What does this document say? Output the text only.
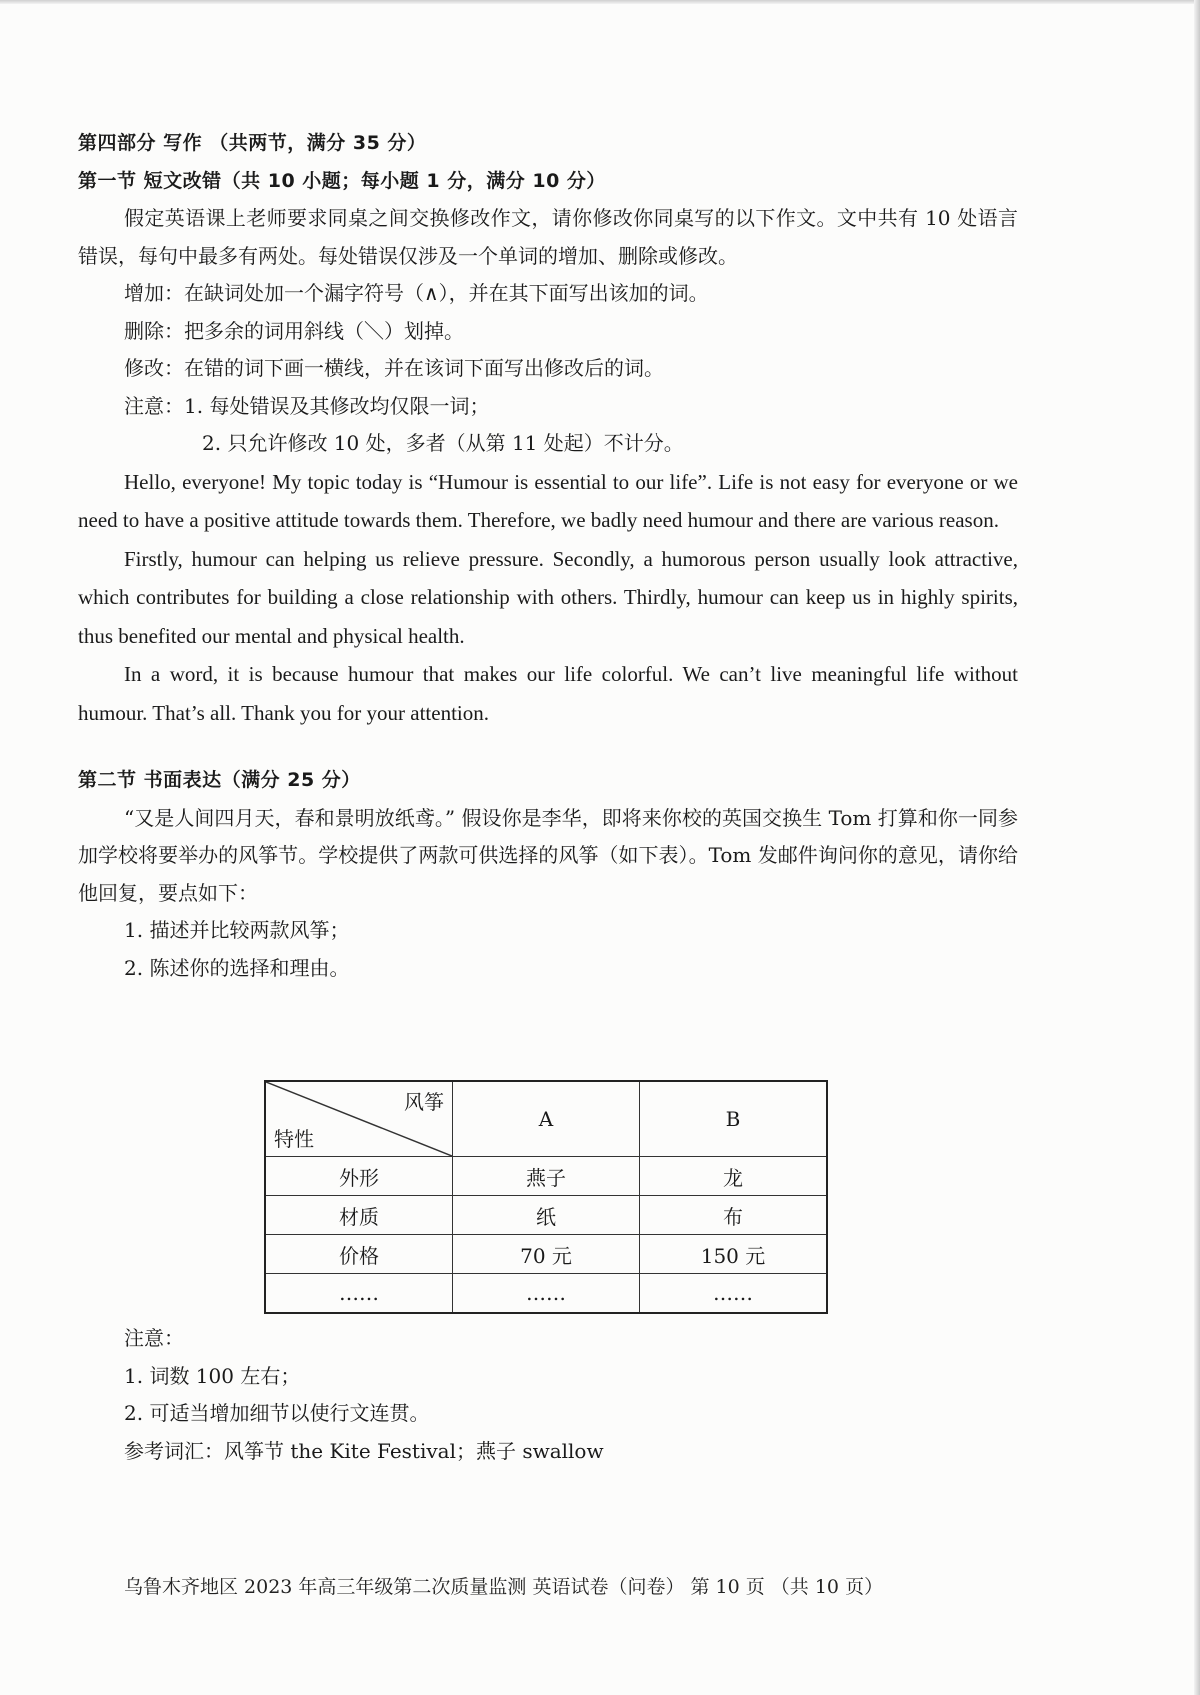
第四部分 写作 （共两节，满分 35 分）
第一节 短文改错（共 10 小题；每小题 1 分，满分 10 分）
假定英语课上老师要求同桌之间交换修改作文，请你修改你同桌写的以下作文。文中共有 10 处语言错误，每句中最多有两处。每处错误仅涉及一个单词的增加、删除或修改。
增加：在缺词处加一个漏字符号（∧），并在其下面写出该加的词。
删除：把多余的词用斜线（＼）划掉。
修改：在错的词下画一横线，并在该词下面写出修改后的词。
注意：1. 每处错误及其修改均仅限一词；
2. 只允许修改 10 处，多者（从第 11 处起）不计分。
Hello, everyone! My topic today is “Humour is essential to our life”. Life is not easy for everyone or we need to have a positive attitude towards them. Therefore, we badly need humour and there are various reason.
Firstly, humour can helping us relieve pressure. Secondly, a humorous person usually look attractive, which contributes for building a close relationship with others. Thirdly, humour can keep us in highly spirits, thus benefited our mental and physical health.
In a word, it is because humour that makes our life colorful. We can’t live meaningful life without humour. That’s all. Thank you for your attention.
第二节 书面表达（满分 25 分）
“又是人间四月天，春和景明放纸鸢。” 假设你是李华，即将来你校的英国交换生 Tom 打算和你一同参加学校将要举办的风筝节。学校提供了两款可供选择的风筝（如下表）。Tom 发邮件询问你的意见，请你给他回复，要点如下：
1. 描述并比较两款风筝；
2. 陈述你的选择和理由。
风筝
特性	A	B
外形	燕子	龙
材质	纸	布
价格	70 元	150 元
……	……	……
注意：
1. 词数 100 左右；
2. 可适当增加细节以使行文连贯。
参考词汇：风筝节 the Kite Festival；燕子 swallow
乌鲁木齐地区 2023 年高三年级第二次质量监测 英语试卷（问卷） 第 10 页 （共 10 页）
